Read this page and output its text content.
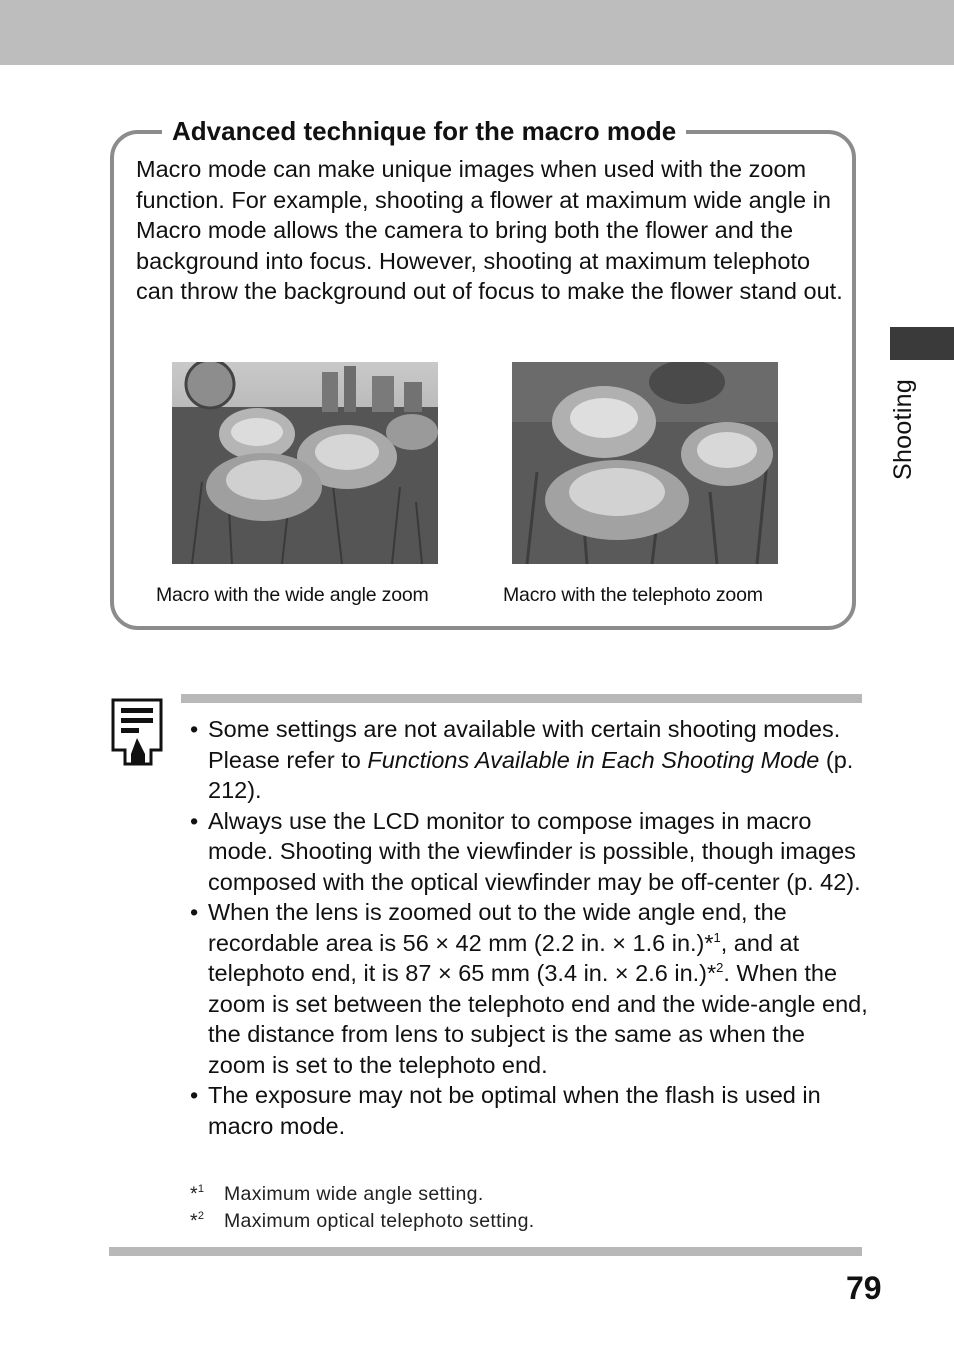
Advanced technique for the macro mode
Macro mode can make unique images when used with the zoom function. For example, shooting a flower at maximum wide angle in Macro mode allows the camera to bring both the flower and the background into focus. However, shooting at maximum telephoto can throw the background out of focus to make the flower stand out.
Macro with the wide angle zoom	Macro with the telephoto zoom
Shooting
• Some settings are not available with certain shooting modes. Please refer to Functions Available in Each Shooting Mode (p. 212).
• Always use the LCD monitor to compose images in macro mode. Shooting with the viewfinder is possible, though images composed with the optical viewfinder may be off-center (p. 42).
• When the lens is zoomed out to the wide angle end, the recordable area is 56 × 42 mm (2.2 in. × 1.6 in.)*$^1$, and at telephoto end, it is 87 × 65 mm (3.4 in. × 2.6 in.)*$^2$. When the zoom is set between the telephoto end and the wide-angle end, the distance from lens to subject is the same as when the zoom is set to the telephoto end.
• The exposure may not be optimal when the flash is used in macro mode.
*$^1$ Maximum wide angle setting.
*$^2$ Maximum optical telephoto setting.
79
